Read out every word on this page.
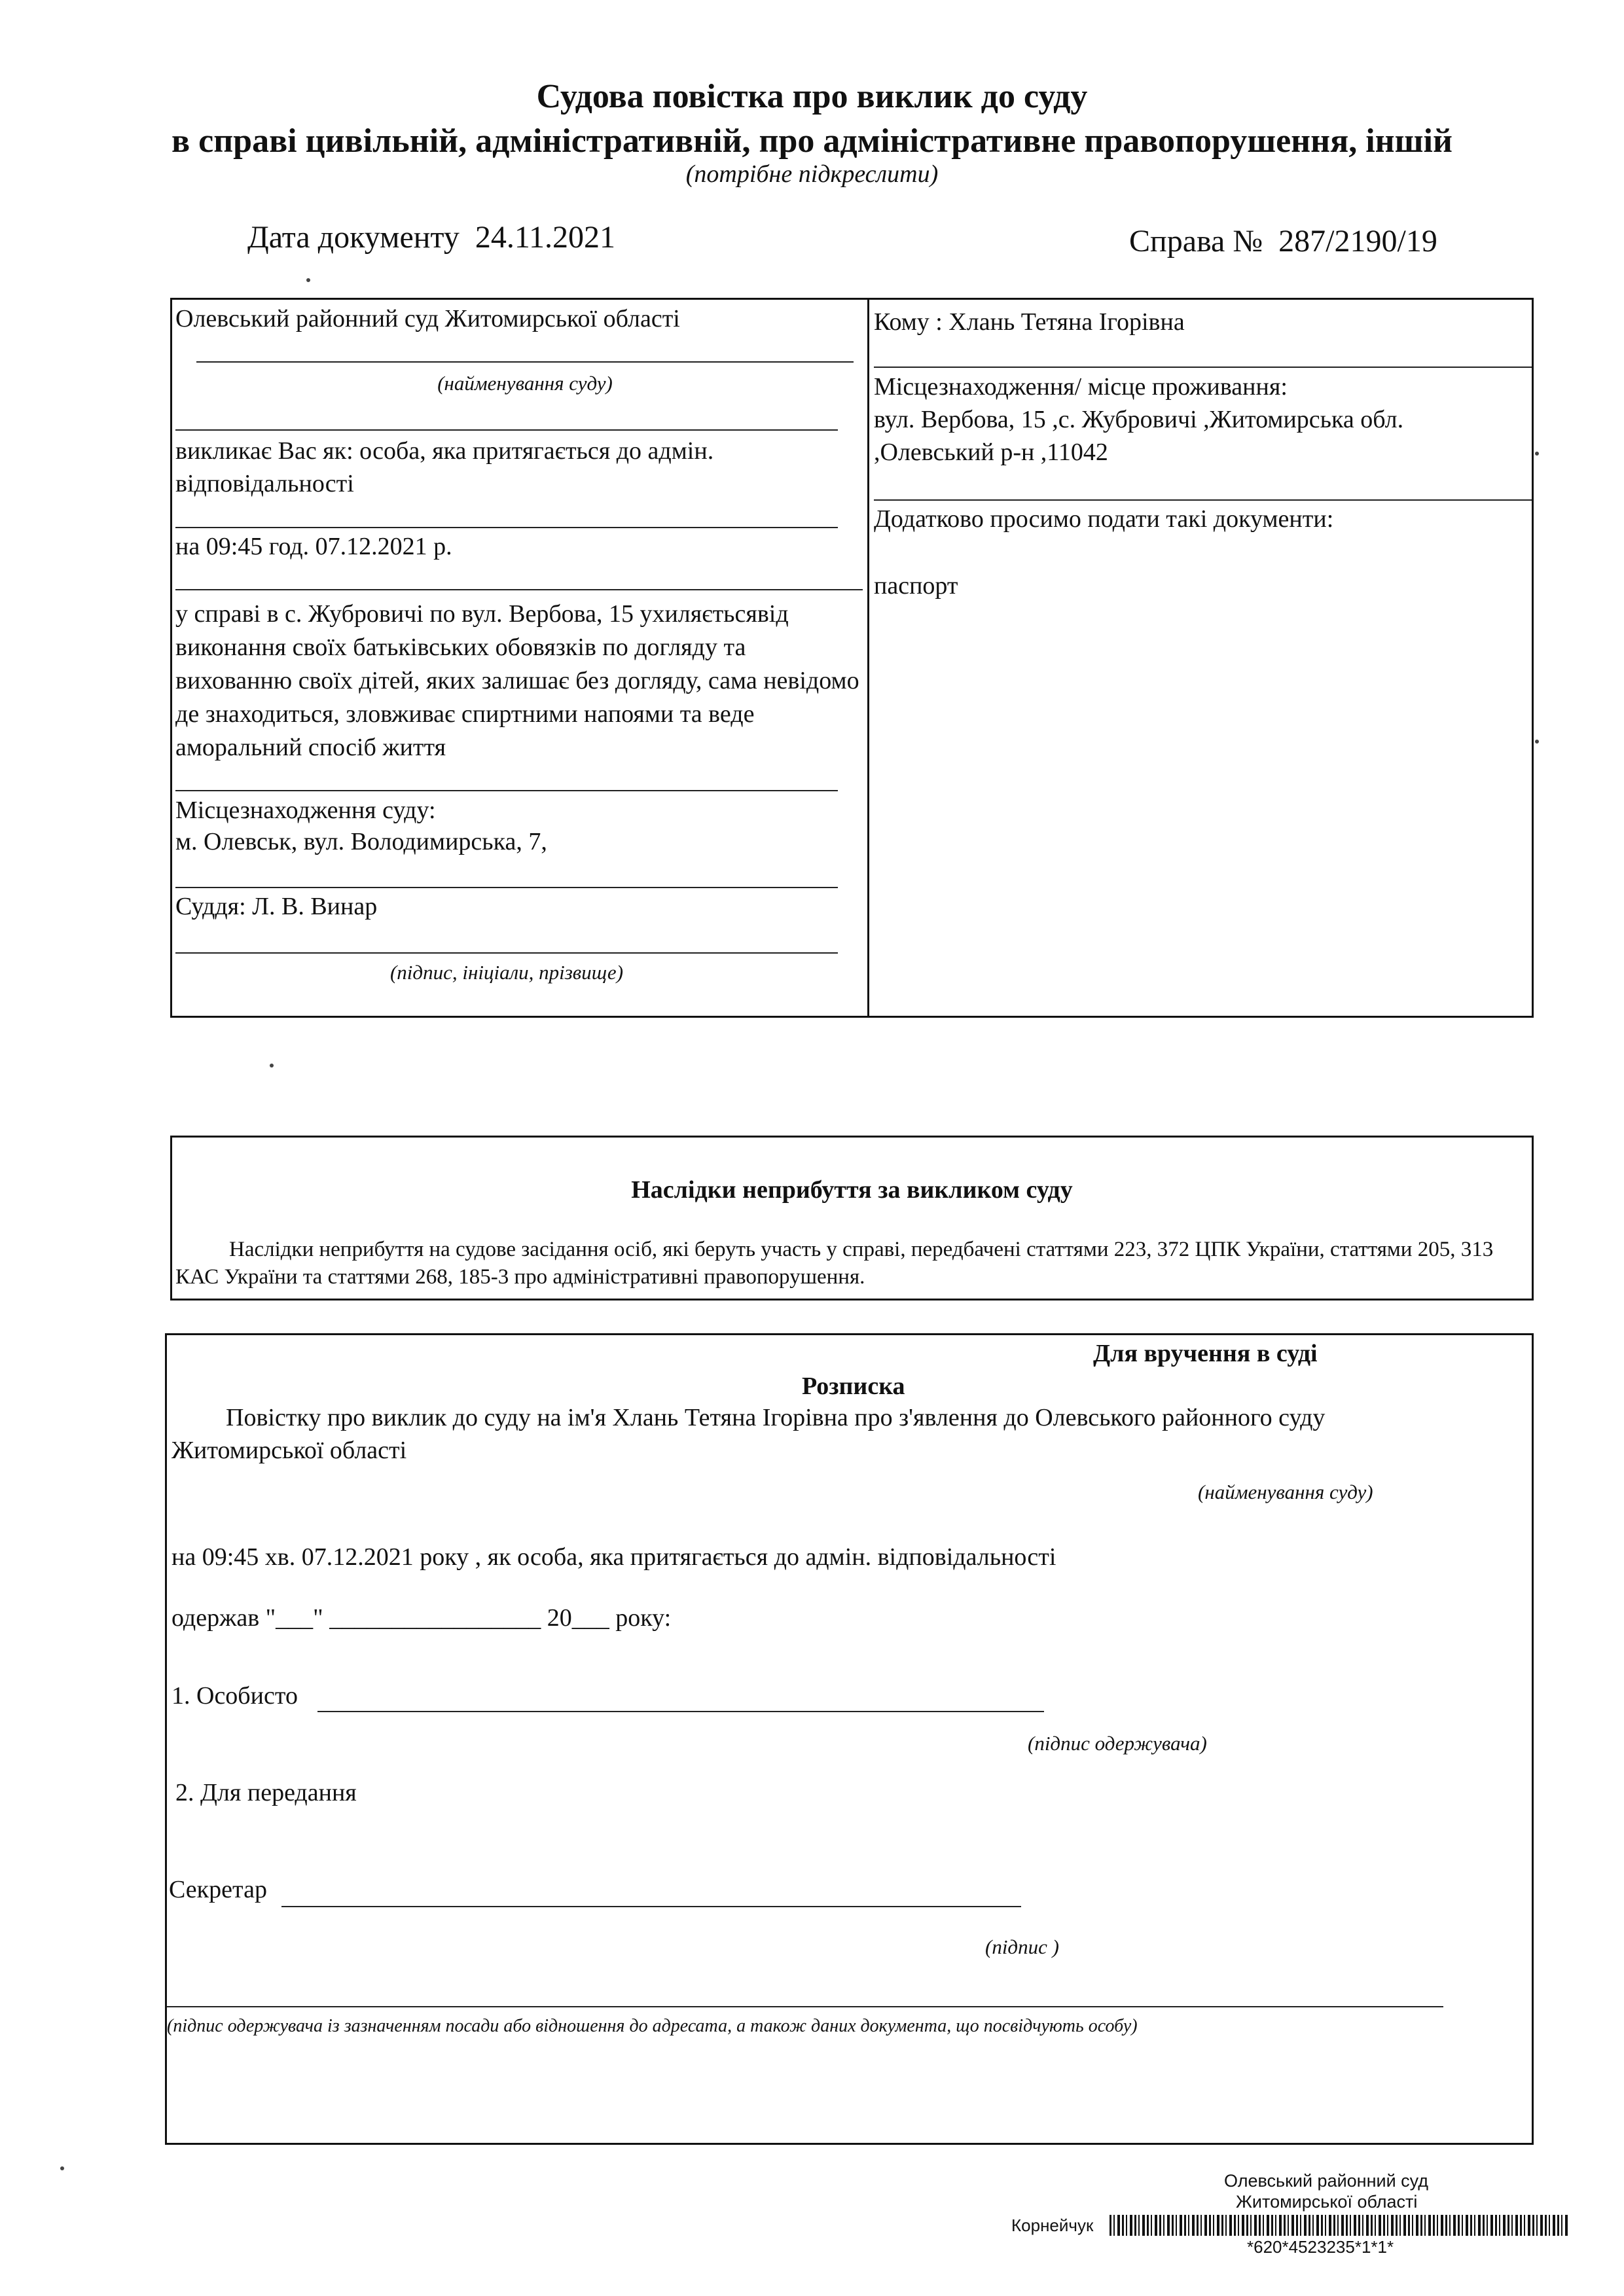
Судова повістка про виклик до суду
в справі цивільній, адміністративній, про адміністративне правопорушення, іншій
(потрібне підкреслити)
Дата документу 24.11.2021	Справа № 287/2190/19
Олевський районний суд Житомирської області
(найменування суду)
викликає Вас як: особа, яка притягається до адмін. відповідальності
на 09:45 год. 07.12.2021 р.
у справі в с. Жубровичі по вул. Вербова, 15 ухиляєтьсявід виконання своїх батьківських обовязків по догляду та вихованню своїх дітей, яких залишає без догляду, сама невідомо де знаходиться, зловживає спиртними напоями та веде аморальний спосіб життя
Місцезнаходження суду:
м. Олевськ, вул. Володимирська, 7,
Суддя: Л. В. Винар
(підпис, ініціали, прізвище)
Кому : Хлань Тетяна Ігорівна
Місцезнаходження/ місце проживання:
вул. Вербова, 15 ,с. Жубровичі ,Житомирська обл.
,Олевський р-н ,11042
Додатково просимо подати такі документи:
паспорт
Наслідки неприбуття за викликом суду
Наслідки неприбуття на судове засідання осіб, які беруть участь у справі, передбачені статтями 223, 372 ЦПК України, статтями 205, 313 КАС України та статтями 268, 185-3 про адміністративні правопорушення.
Для вручення в суді
Розписка
Повістку про виклик до суду на ім'я Хлань Тетяна Ігорівна про з'явлення до Олевського районного суду
Житомирської області
(найменування суду)
на 09:45 хв. 07.12.2021 року , як особа, яка притягається до адмін. відповідальності
одержав "___" _________________ 20___ року:
1. Особисто
(підпис одержувача)
2. Для передання
Секретар
(підпис )
(підпис одержувача із зазначенням посади або відношення до адресата, а також даних документа, що посвідчують особу)
Олевський районний суд
Житомирської області
Корнейчук
*620*4523235*1*1*
